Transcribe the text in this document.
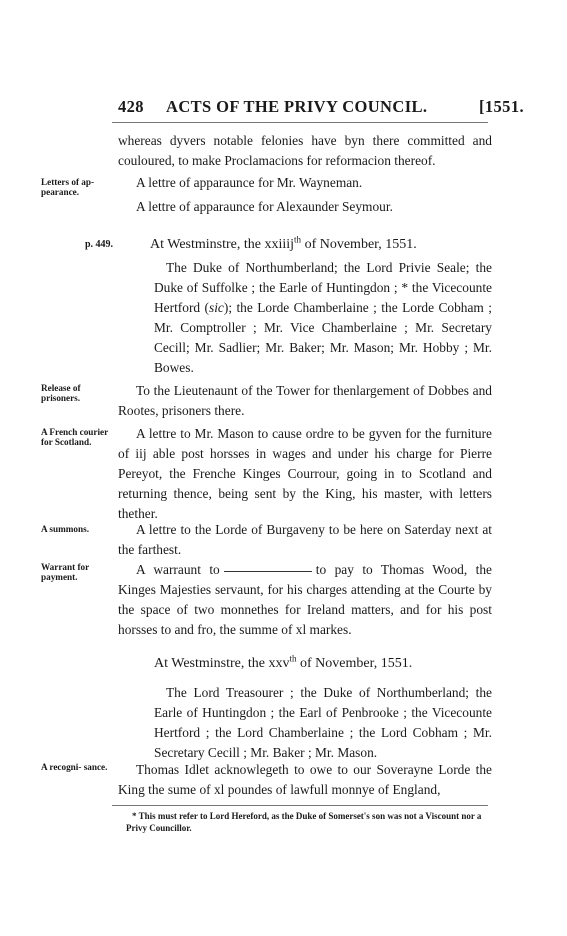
428 ACTS OF THE PRIVY COUNCIL.	[1551.
whereas dyvers notable felonies have byn there committed and couloured, to make Proclamacions for reformacion thereof.
Letters of ap- pearance.
A lettre of apparaunce for Mr. Wayneman.
A lettre of apparaunce for Alexaunder Seymour.
p. 449.	At Westminstre, the xxiiij$^{th}$ of November, 1551.
The Duke of Northumberland; the Lord Privie Seale; the Duke of Suffolke ; the Earle of Huntingdon ; * the Vicecounte Hertford (sic); the Lorde Chamberlaine ; the Lorde Cobham ; Mr. Comptroller ; Mr. Vice Chamberlaine ; Mr. Secretary Cecill; Mr. Sadlier; Mr. Baker; Mr. Mason; Mr. Hobby ; Mr. Bowes.
Release of prisoners.	To the Lieutenaunt of the Tower for thenlargement of Dobbes and Rootes, prisoners there.
A French courier for Scotland.
A lettre to Mr. Mason to cause ordre to be gyven for the furniture of iij able post horsses in wages and under his charge for Pierre Pereyot, the Frenche Kinges Courrour, going in to Scotland and returning thence, being sent by the King, his master, with letters thether.
A summons.	A lettre to the Lorde of Burgaveny to be here on Saterday next at the farthest.
Warrant for payment.	A warraunt to	to pay to Thomas Wood, the Kinges Majesties servaunt, for his charges attending at the Courte by the space of two monnethes for Ireland matters, and for his post horsses to and fro, the summe of xl markes.
At Westminstre, the xxv$^{th}$ of November, 1551.
The Lord Treasourer ; the Duke of Northumberland; the Earle of Huntingdon ; the Earl of Penbrooke ; the Vicecounte Hertford ; the Lord Chamberlaine ; the Lord Cobham ; Mr. Secretary Cecill ; Mr. Baker ; Mr. Mason.
A recogni- sance.	Thomas Idlet acknowlegeth to owe to our Soverayne Lorde the King the sume of xl poundes of lawfull monnye of England,
* This must refer to Lord Hereford, as the Duke of Somerset's son was not a Viscount nor a Privy Councillor.
